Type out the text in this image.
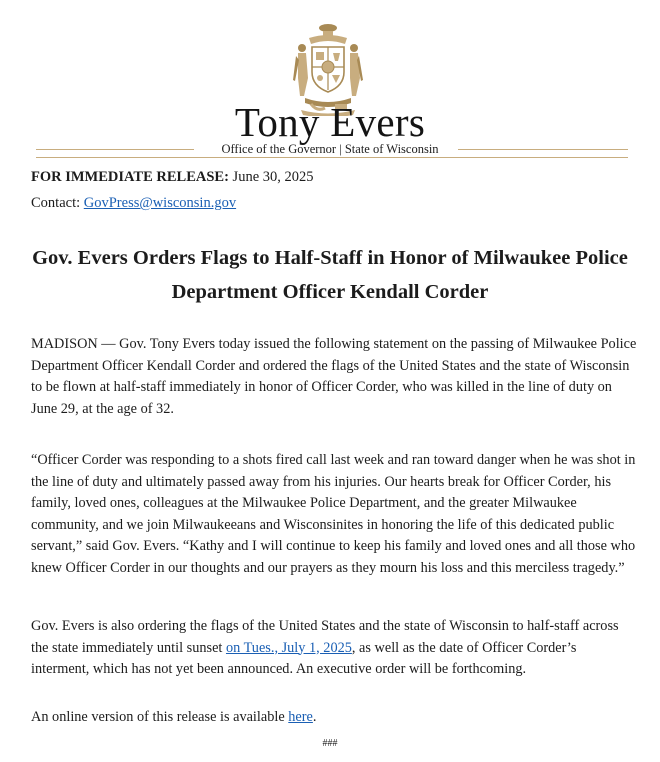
Tony Evers
Office of the Governor | State of Wisconsin
FOR IMMEDIATE RELEASE: June 30, 2025
Contact: GovPress@wisconsin.gov
Gov. Evers Orders Flags to Half-Staff in Honor of Milwaukee Police Department Officer Kendall Corder

MADISON — Gov. Tony Evers today issued the following statement on the passing of Milwaukee Police Department Officer Kendall Corder and ordered the flags of the United States and the state of Wisconsin to be flown at half-staff immediately in honor of Officer Corder, who was killed in the line of duty on June 29, at the age of 32.

“Officer Corder was responding to a shots fired call last week and ran toward danger when he was shot in the line of duty and ultimately passed away from his injuries. Our hearts break for Officer Corder, his family, loved ones, colleagues at the Milwaukee Police Department, and the greater Milwaukee community, and we join Milwaukeeans and Wisconsinites in honoring the life of this dedicated public servant,” said Gov. Evers. “Kathy and I will continue to keep his family and loved ones and all those who knew Officer Corder in our thoughts and our prayers as they mourn his loss and this merciless tragedy.”

Gov. Evers is also ordering the flags of the United States and the state of Wisconsin to half-staff across the state immediately until sunset on Tues., July 1, 2025, as well as the date of Officer Corder’s interment, which has not yet been announced. An executive order will be forthcoming.

An online version of this release is available here.

###
